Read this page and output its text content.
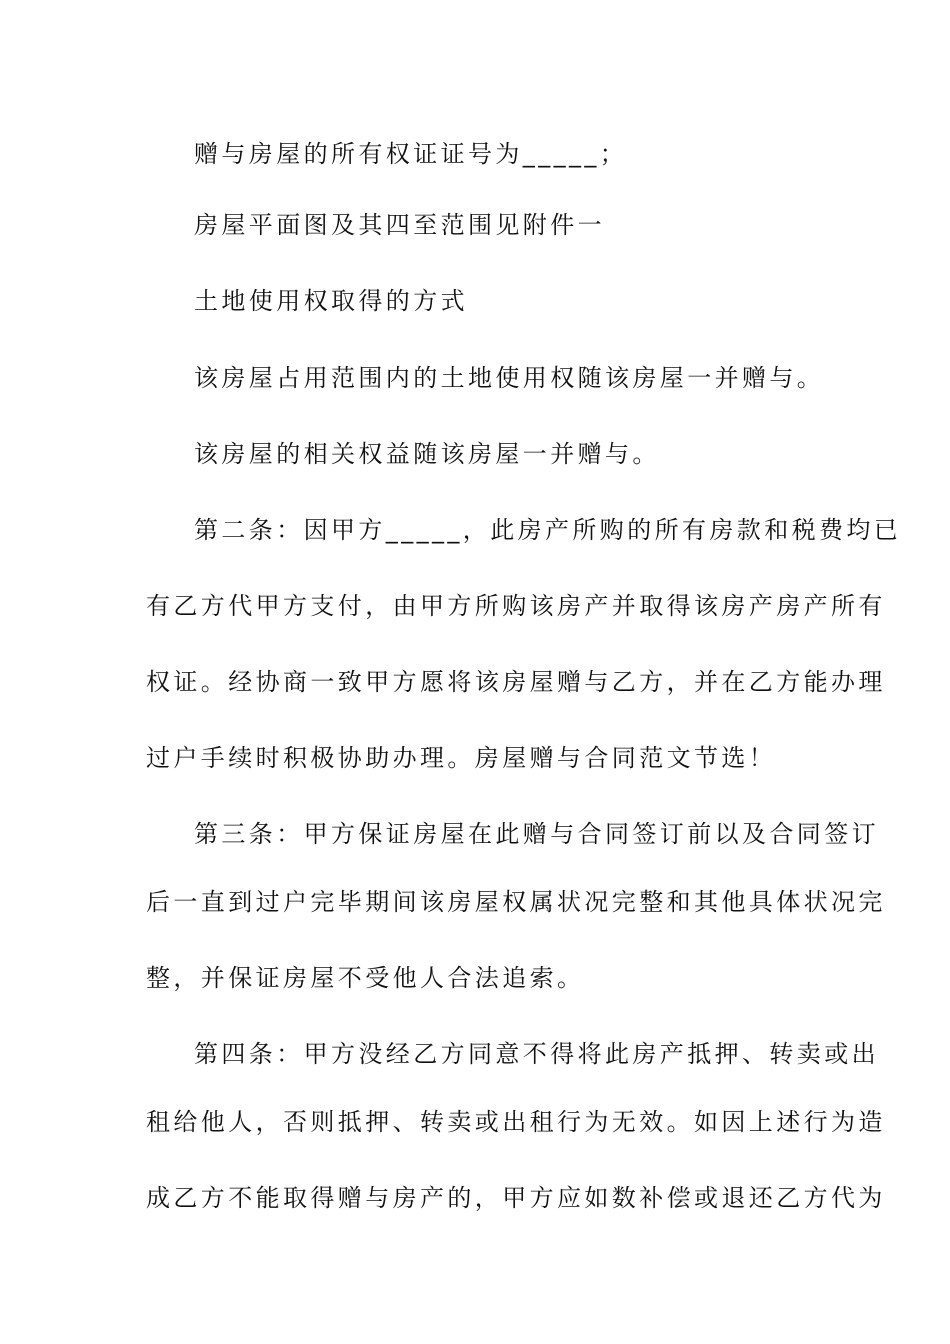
赠与房屋的所有权证证号为_____；
房屋平面图及其四至范围见附件一
土地使用权取得的方式
该房屋占用范围内的土地使用权随该房屋一并赠与。
该房屋的相关权益随该房屋一并赠与。
第二条：因甲方_____，此房产所购的所有房款和税费均已
有乙方代甲方支付，由甲方所购该房产并取得该房产房产所有
权证。经协商一致甲方愿将该房屋赠与乙方，并在乙方能办理
过户手续时积极协助办理。房屋赠与合同范文节选！
第三条：甲方保证房屋在此赠与合同签订前以及合同签订
后一直到过户完毕期间该房屋权属状况完整和其他具体状况完
整，并保证房屋不受他人合法追索。
第四条：甲方没经乙方同意不得将此房产抵押、转卖或出
租给他人，否则抵押、转卖或出租行为无效。如因上述行为造
成乙方不能取得赠与房产的，甲方应如数补偿或退还乙方代为
